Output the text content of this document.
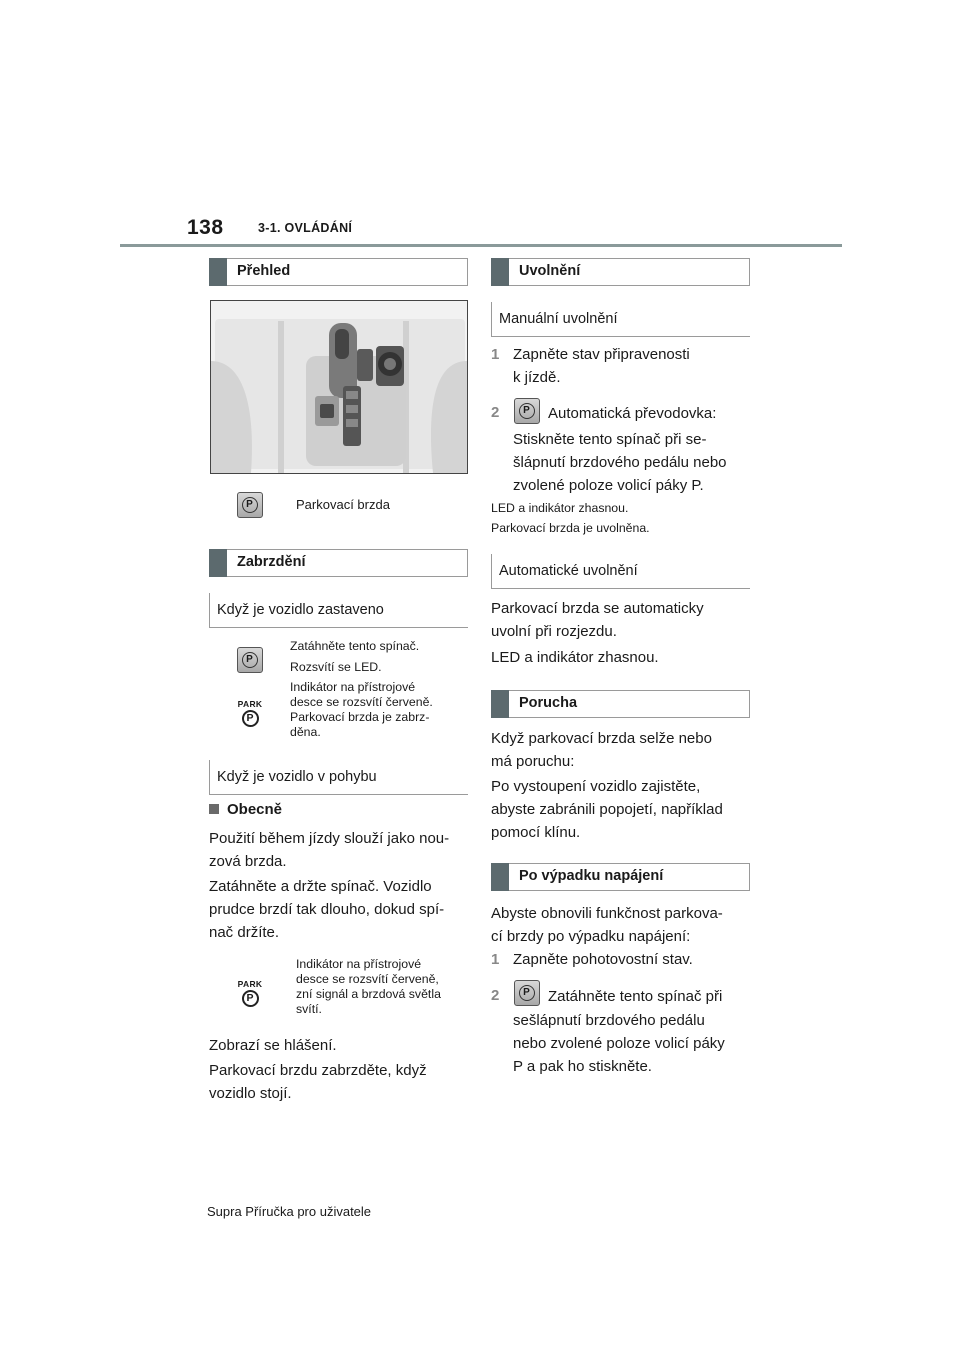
138	3-1. OVLÁDÁNÍ
Přehled
P	Parkovací brzda
Zabrzdění
Když je vozidlo zastaveno
P
PARK
P
Zatáhněte tento spínač.
Rozsvítí se LED.
Indikátor na přístrojové
desce se rozsvítí červeně.
Parkovací brzda je zabrz-
děna.
Když je vozidlo v pohybu
Obecně
Použití během jízdy slouží jako nou-
zová brzda.
Zatáhněte a držte spínač. Vozidlo
prudce brzdí tak dlouho, dokud spí-
nač držíte.
PARK
P
Indikátor na přístrojové
desce se rozsvítí červeně,
zní signál a brzdová světla
svítí.
Zobrazí se hlášení.
Parkovací brzdu zabrzděte, když
vozidlo stojí.
Uvolnění
Manuální uvolnění
1 Zapněte stav připravenosti
k jízdě.
2	P Automatická převodovka:
Stiskněte tento spínač při se-
šlápnutí brzdového pedálu nebo
zvolené poloze volicí páky P.
LED a indikátor zhasnou.
Parkovací brzda je uvolněna.
Automatické uvolnění
Parkovací brzda se automaticky
uvolní při rozjezdu.
LED a indikátor zhasnou.
Porucha
Když parkovací brzda selže nebo
má poruchu:
Po vystoupení vozidlo zajistěte,
abyste zabránili popojetí, například
pomocí klínu.
Po výpadku napájení
Abyste obnovili funkčnost parkova-
cí brzdy po výpadku napájení:
1 Zapněte pohotovostní stav.
2	P Zatáhněte tento spínač při
sešlápnutí brzdového pedálu
nebo zvolené poloze volicí páky
P a pak ho stiskněte.
Supra Příručka pro uživatele
